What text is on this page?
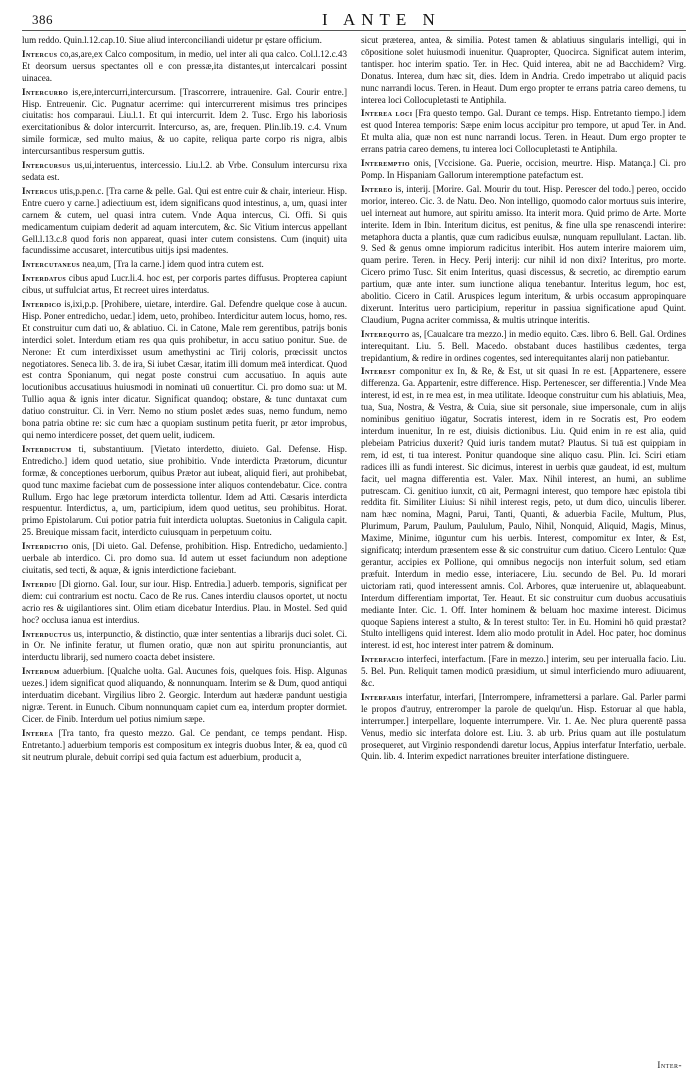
386	I ANTE N

lum reddo. Quin.l.12.cap.10. Siue aliud interconciliandi uidetur pr ęstare officium.

Intercus co,as,are,ex Calco compositum, in medio, uel inter ali qua calco. Col.l.12.c.43 Et deorsum uersus spectantes oll e con pressæ,ita distantes,ut intercalcari possint uinacea.

Intercurro is,ere,intercurri,intercursum. [Trascorrere, intrauenire. Gal. Courir entre.] Hisp. Entreuenir. Cic. Pugnatur acerrime: qui intercurrerent misimus tres principes ciuitatis: hos comparaui. Liu.l.1. Et qui intercurrit. Idem 2. Tusc. Ergo his laboriosis exercitationibus & dolor intercurrit. Intercurso, as, are, frequen. Plin.lib.19. c.4. Vnum simile formicæ, sed multo maius, & uo capite, reliqua parte corpo ris nigra, albis intercursantibus respersum guttis.

Intercursus us,ui,interuentus, intercessio. Liu.l.2. ab Vrbe. Consulum intercursu rixa sedata est.

Intercus utis,p.pen.c. [Tra carne & pelle. Gal. Qui est entre cuir & chair, interieur. Hisp. Entre cuero y carne.] adiectiuum est, idem significans quod intestinus, a, um, quasi inter carnem & cutem, uel quasi intra cutem. Vnde Aqua intercus, Ci. Offi. Si quis medicamentum cuipiam dederit ad aquam intercutem, &c. Sic Vitium intercus appellant Gell.l.13.c.8 quod foris non appareat, quasi inter cutem consistens. Cum (inquit) uita facundissime accusaret, intercutibus uitijs ipsi madentes.

Intercutaneus nea,um, [Tra la carne.] idem quod intra cutem est.

Interdatus cibus apud Lucr.li.4. hoc est, per corporis partes diffusus. Propterea capiunt cibus, ut suffulciat artus, Et recreet uires interdatus.

Interdico is,ixi,p.p. [Prohibere, uietare, interdire. Gal. Defendre quelque cose à aucun. Hisp. Poner entredicho, uedar.] idem, ueto, prohibeo. Interdicitur autem locus, homo, res. Et construitur cum dati uo, & ablatiuo. Ci. in Catone, Male rem gerentibus, patrijs bonis interdici solet. Interdum etiam res qua quis prohibetur, in accu satiuo ponitur. Sue. de Nerone: Et cum interdixisset usum amethystini ac Tirij coloris, prœcissit unctos negotiatores. Seneca lib. 3. de ira, Si iubet Cæsar, itatim illi domum meā interdicat. Quod est contra Sponianum, qui negat poste construi cum accusatiuo. In aquis aute locutionibus accusatiuus huiusmodi in nominati uū conuertitur. Ci. pro domo sua: ut M. Tullio aqua & ignis inter dicatur. Significat quandoq; obstare, & tunc duntaxat cum datiuo construitur. Ci. in Verr. Nemo no stium poslet ædes suas, nemo fundum, nemo bona patria obtine re: sic cum hæc a quopiam sustinum petita fuerit, pr ætor improbus, qui nemo interdicere posset, det quem uelit, iudicem.

Interdictum ti, substantiuum. [Vietato interdetto, diuieto. Gal. Defense. Hisp. Entredicho.] idem quod uetatio, siue prohibitio. Vnde interdicta Prætorum, dicuntur formæ, & conceptiones uerborum, quibus Prætor aut iubeat, aliquid fieri, aut prohibebat, quod tunc maxime faciebat cum de possessione inter aliquos contendebatur. Cice. contra Rullum. Ergo hac lege prætorum interdicta tollentur. Idem ad Atti. Cæsaris interdicta respuentur. Interdictus, a, um, participium, idem quod uetitus, seu prohibitus. Horat. primo Epistolarum. Cui potior patria fuit interdicta uoluptas. Suetonius in Caligula capit. 25. Breuique missam facit, interdicto cuiusquam in perpetuum coitu.

Interdictio onis, [Di uieto. Gal. Defense, prohibition. Hisp. Entredicho, uedamiento.] uerbale ab interdico. Ci. pro domo sua. Id autem ut esset faciundum non adeptione ciuitatis, sed tecti, & aquæ, & ignis interdictione faciebant.

Interdiu [Di giorno. Gal. Iour, sur iour. Hisp. Entredia.] aduerb. temporis, significat per diem: cui contrarium est noctu. Caco de Re rus. Canes interdiu clausos oportet, ut noctu acrio res & uigilantiores sint. Olim etiam dicebatur Interdius. Plau. in Mostel. Sed quid hoc? occlusa ianua est interdius.

Interductus us, interpunctio, & distinctio, quæ inter sententias a librarijs duci solet. Ci. in Or. Ne infinite feratur, ut flumen oratio, quæ non aut spiritu pronunciantis, aut interductu librarij, sed numero coacta debet insistere.

Interdum aduerbium. [Qualche uolta. Gal. Aucunes fois, quelques fois. Hisp. Algunas uezes.] idem significat quod aliquando, & nonnunquam. Interim se & Dum, quod antiqui interduatim dicebant. Virgilius libro 2. Georgic. Interdum aut hæderæ pandunt uestigia nigræ. Terent. in Eunuch. Cibum nonnunquam capiet cum ea, interdum propter dormiet. Cicer. de Finib. Interdum uel potius nimium sæpe.

Interea [Tra tanto, fra questo mezzo. Gal. Ce pendant, ce temps pendant. Hisp. Entretanto.] aduerbium temporis est compositum ex integris duobus Inter, & ea, quod cū sit neutrum plurale, debuit corripi sed quia factum est aduerbium, producit a,

sicut præterea, antea, & similia. Potest tamen & ablatiuus singularis intelligi, qui in cōpositione solet huiusmodi inuenitur. Quapropter, Quocirca. Significat autem interim, tantisper. hoc interim spatio. Ter. in Hec. Quid interea, abit ne ad Bacchidem? Virg. Donatus. Interea, dum hæc sit, dies. Idem in Andria. Credo impetrabo ut aliquid pacis nunc narrandi locus. Teren. in Heaut. Dum ergo propter te errans patria careo demens, tu interea loci Collocupletasti te Antiphila.

Interea loci [Fra questo tempo. Gal. Durant ce temps. Hisp. Entretanto tiempo.] idem est quod Interea temporis: Sæpe enim locus accipitur pro tempore, ut apud Ter. in And. Et multa alia, quæ non est nunc narrandi locus. Teren. in Heaut. Dum ergo propter te errans patria careo demens, tu interea loci Collocupletasti te Antiphila.

Interemptio onis, [Vccisione. Ga. Puerie, occision, meurtre. Hisp. Matança.] Ci. pro Pomp. In Hispaniam Gallorum interemptione patefactum est.

Intereo is, interij. [Morire. Gal. Mourir du tout. Hisp. Perescer del todo.] pereo, occido morior, intereo. Cic. 3. de Natu. Deo. Non intelligo, quomodo calor mortuus suis interire, uel interneat aut humore, aut spiritu amisso. Ita interit mora. Quid primo de Arte. Morte interite. Idem in Ibin. Interitum dicitus, est penitus, & fine ulla spe renascendi interire: metaphora ducta a plantis, quæ cum radicibus euulsæ, nunquam repullulant. Lactan. lib. 9. Sed & genus omne impiorum radicitus interibit. Hos autem interire maiorem uim, quam perire. Teren. in Hecy. Perij interij: cur nihil id non dixi? Interitus, pro morte. Cicero primo Tusc. Sit enim Interitus, quasi discessus, & secretio, ac diremptio earum partium, quæ ante inter. sum iunctione aliqua tenebantur. Interitus legum, hoc est, abolitio. Cicero in Catil. Aruspices legum interitum, & urbis occasum appropinquare dixerunt. Interitus uero participium, reperitur in passiua significatione apud Quint. Claudium, Pugna acriter commissa, & multis utrinque interitis.

Interequito as, [Caualcare tra mezzo.] in medio equito. Cæs. libro 6. Bell. Gal. Ordines interequitant. Liu. 5. Bell. Macedo. obstabant duces hastilibus cædentes, terga trepidantium, & redire in ordines cogentes, sed interequitantes alarij non patiebantur.

Interest componitur ex In, & Re, & Est, ut sit quasi In re est. [Appartenere, essere differenza. Ga. Appartenir, estre difference. Hisp. Pertenescer, ser differentia.] Vnde Mea interest, id est, in re mea est, in mea utilitate. Ideoque construitur cum his ablatiuis, Mea, tua, Sua, Nostra, & Vestra, & Cuia, siue sit personale, siue impersonale, cum in alijs nominibus genitiuo iūgatur, Socratis interest, idem in re Socratis est, Pro eodem interdum inuenitur, In re est, diuisis dictionibus. Liu. Quid enim in re est alia, quid plebeiam Patricius duxerit? Quid iuris tandem mutat? Plautus. Si tuā est quippiam in rem, id est, ti tua interest. Ponitur quandoque sine aliquo casu. Plin. Ici. Sciri etiam radices illi as fundi interest. Sic dicimus, interest in uerbis quæ gaudeat, id est, multum facit, uel magna differentia est. Valer. Max. Nihil interest, an humi, an sublime putrescam. Ci. genitiuo iunxit, cū ait, Permagni interest, quo tempore hæc epistola tibi reddita fit. Similiter Liuius: Si nihil interest regis, peto, ut dum dico, uinculis liberer. nam hæc nomina, Magni, Parui, Tanti, Quanti, & aduerbia Facile, Multum, Plus, Plurimum, Parum, Paulum, Paululum, Paulo, Nihil, Nonquid, Aliquid, Magis, Minus, Maxime, Minime, iūguntur cum his uerbis. Interest, compomitur ex Inter, & Est, significatq; interdum præsentem esse & sic construitur cum datiuo. Cicero Lentulo: Quæ gerantur, accipies ex Pollione, qui omnibus negocijs non interfuit solum, sed etiam præfuit. Interdum in medio esse, interiacere, Liu. secundo de Bel. Pu. Id morari uictoriam rati, quod interessent amnis. Col. Arbores, quæ interuenire ut, ablaqueabunt. Interdum differentiam importat, Ter. Heaut. Et sic construitur cum duobus accusatiuis mediante Inter. Cic. 1. Off. Inter hominem & beluam hoc maxime interest. Dicimus quoque Sapiens interest a stulto, & In terest stulto: Ter. in Eu. Homini hō quid præstat? Stulto intelligens quid interest. Idem alio modo protulit in Adel. Hoc pater, hoc dominus interest. id est, hoc interest inter patrem & dominum.

Interfacio interfeci, interfactum. [Fare in mezzo.] interim, seu per interualla facio. Liu. 5. Bel. Pun. Reliquit tamen modicū præsidium, ut simul interficiendo muro adiuuarent, &c.

Interfaris interfatur, interfari, [Interrompere, inframettersi a parlare. Gal. Parler parmi le propos d'autruy, entreromper la parole de quelqu'un. Hisp. Estoruar al que habla, interrumper.] interpellare, loquente interrumpere. Vir. 1. Ae. Nec plura querentē passa Venus, medio sic interfata dolore est. Liu. 3. ab urb. Prius quam aut ille postulatum prosequeret, aut Virginio respondendi daretur locus, Appius interfatur Interfatio, uerbale. Quin. lib. 4. Interim expedict narrationes breuiter interfatione distinguere.

Inter-
